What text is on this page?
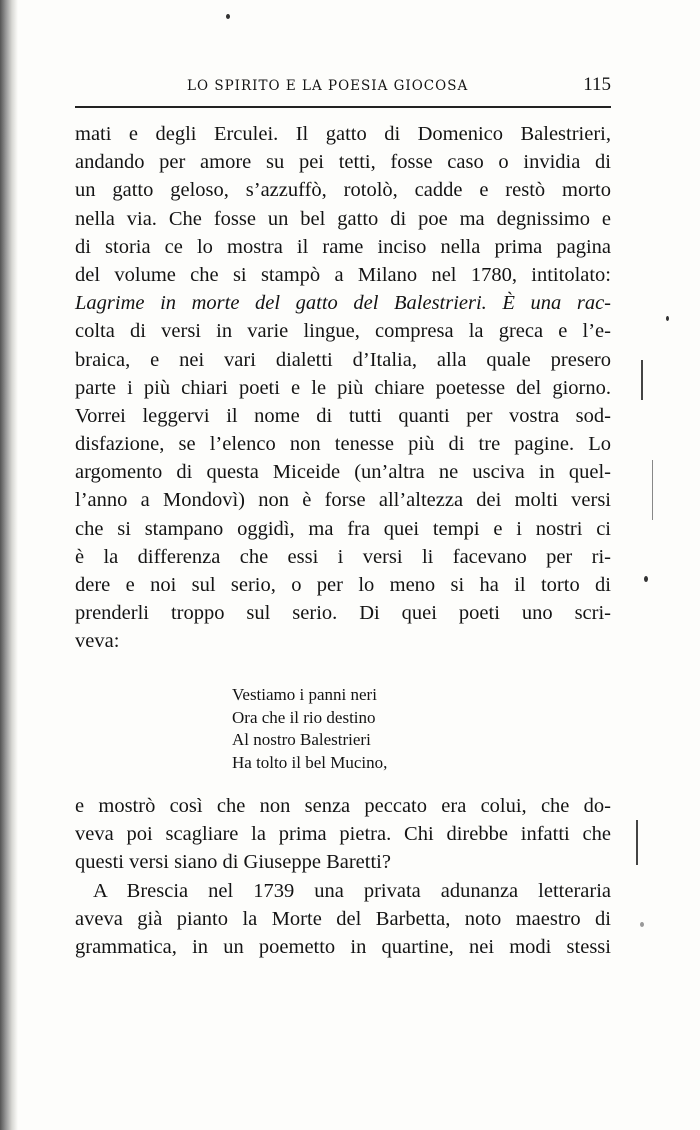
LO SPIRITO E LA POESIA GIOCOSA	115
mati e degli Erculei. Il gatto di Domenico Balestrieri,
andando per amore su pei tetti, fosse caso o invidia di
un gatto geloso, s’azzuffò, rotolò, cadde e restò morto
nella via. Che fosse un bel gatto di poe ma degnissimo e
di storia ce lo mostra il rame inciso nella prima pagina
del volume che si stampò a Milano nel 1780, intitolato:
Lagrime in morte del gatto del Balestrieri. È una rac-
colta di versi in varie lingue, compresa la greca e l’e-
braica, e nei vari dialetti d’Italia, alla quale presero
parte i più chiari poeti e le più chiare poetesse del giorno.
Vorrei leggervi il nome di tutti quanti per vostra sod-
disfazione, se l’elenco non tenesse più di tre pagine. Lo
argomento di questa Miceide (un’altra ne usciva in quel-
l’anno a Mondovì) non è forse all’altezza dei molti versi
che si stampano oggidì, ma fra quei tempi e i nostri ci
è la differenza che essi i versi li facevano per ri-
dere e noi sul serio, o per lo meno si ha il torto di
prenderli troppo sul serio. Di quei poeti uno scri-
veva:
Vestiamo i panni neri
Ora che il rio destino
Al nostro Balestrieri
Ha tolto il bel Mucino,
e mostrò così che non senza peccato era colui, che do-
veva poi scagliare la prima pietra. Chi direbbe infatti che
questi versi siano di Giuseppe Baretti?
A Brescia nel 1739 una privata adunanza letteraria
aveva già pianto la Morte del Barbetta, noto maestro di
grammatica, in un poemetto in quartine, nei modi stessi
